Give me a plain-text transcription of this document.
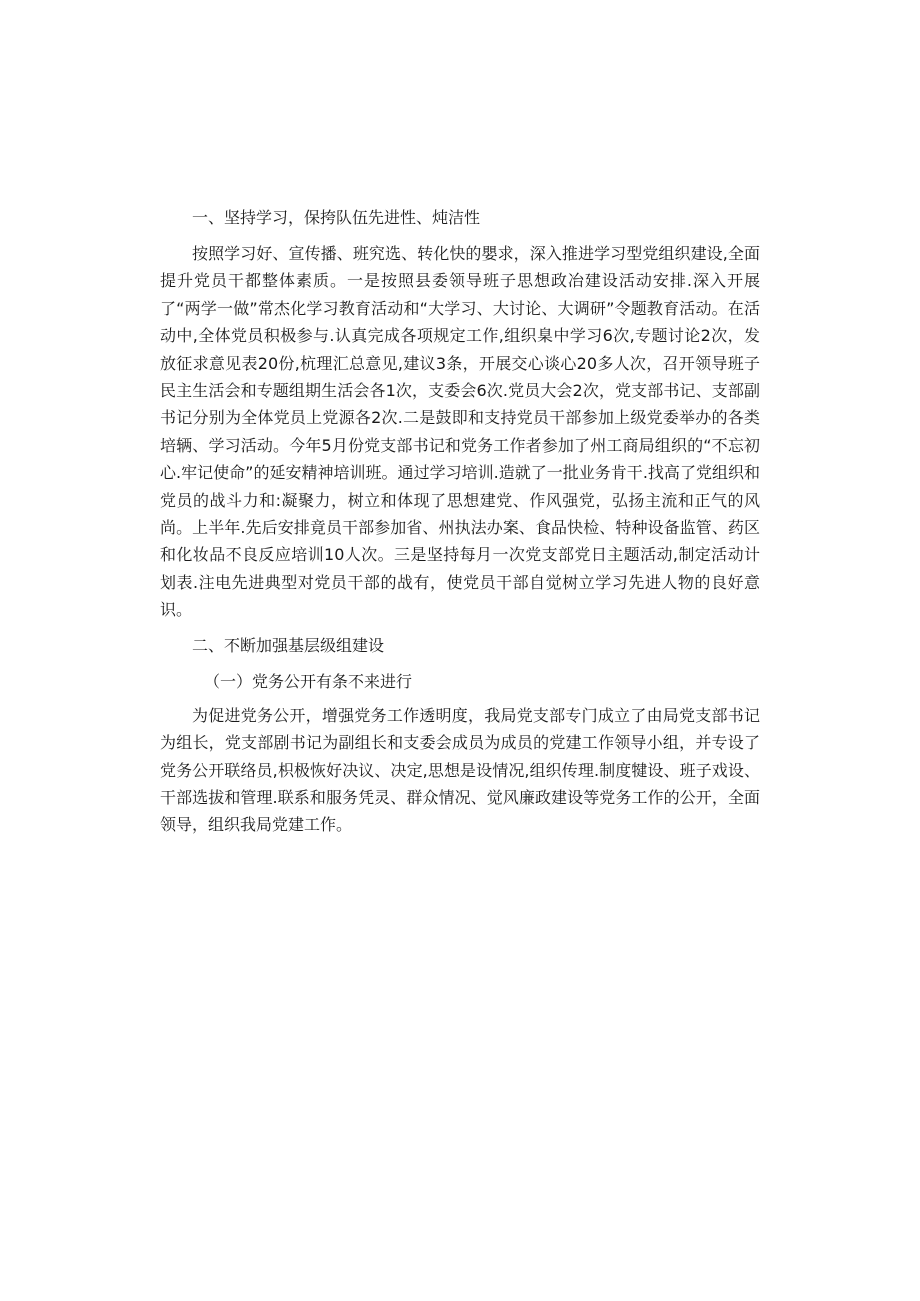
一、坚持学习，保挎队伍先进性、炖洁性

按照学习好、宣传播、班究选、转化快的嬰求，深入推进学习型党组织建设,全面提升党员干都整体素质。一是按照县委领导班子思想政冶建设活动安排.深入开展了“两学一做”常杰化学习教育活动和“大学习、大讨论、大调研”令题教育活动。在活动中,全体党员积极参与.认真完成各项规定工作,组织臬中学习6次,专题讨论2次，发放征求意见表20份,杭理汇总意见,建议3条，开展交心谈心20多人次，召开领导班子民主生活会和专题组期生活会各1次，支委会6次.党员大会2次，党支部书记、支部副书记分别为全体党员上党源各2次.二是鼓即和支持党员干部参加上级党委举办的各类培辆、学习活动。今年5月份党支部书记和党务工作者参加了州工商局组织的“不忘初心.牢记使命”的延安精神培训班。通过学习培训.造就了一批业务肯干.找高了党组织和党员的战斗力和:凝聚力，树立和体现了思想建党、作风强党，弘扬主流和正气的风尚。上半年.先后安排竟员干部参加省、州执法办案、食品快检、特种设备监管、药区和化妆品不良反应培训10人次。三是坚持每月一次党支部党日主题活动,制定活动计划表.注电先进典型对党员干部的战有，使党员干部自觉树立学习先进人物的良好意识。

二、不断加强基层级组建设
（一）党务公开有条不来进行

为促进党务公开，增强党务工作透明度，我局党支部专门成立了由局党支部书记为组长，党支部剧书记为副组长和支委会成员为成员的党建工作领导小组，并专设了党务公开联络员,枳极恢好决议、决定,思想是设情况,组织传理.制度犍设、班子戏设、干部选拔和管理.联系和服务凭灵、群众情况、觉风廉政建设等党务工作的公开，全面领导，组织我局党建工作。
